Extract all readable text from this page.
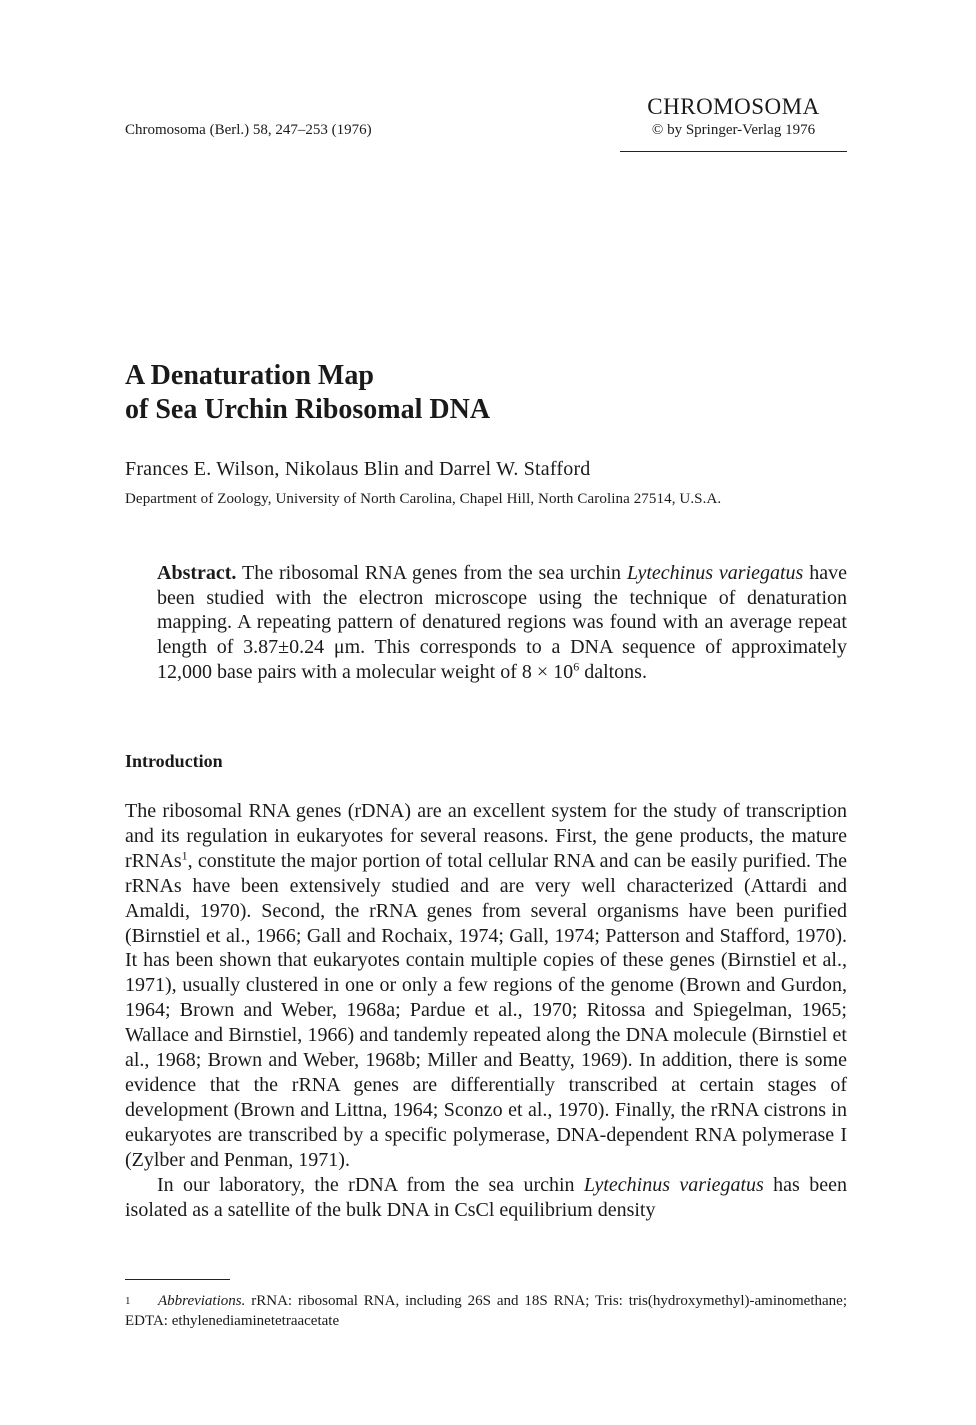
Chromosoma (Berl.) 58, 247–253 (1976)
CHROMOSOMA
© by Springer-Verlag 1976
A Denaturation Map
of Sea Urchin Ribosomal DNA
Frances E. Wilson, Nikolaus Blin and Darrel W. Stafford
Department of Zoology, University of North Carolina, Chapel Hill, North Carolina 27514, U.S.A.
Abstract. The ribosomal RNA genes from the sea urchin Lytechinus variegatus have been studied with the electron microscope using the technique of denaturation mapping. A repeating pattern of denatured regions was found with an average repeat length of 3.87±0.24 μm. This corresponds to a DNA sequence of approximately 12,000 base pairs with a molecular weight of $8 \times 10^6$ daltons.
Introduction

The ribosomal RNA genes (rDNA) are an excellent system for the study of transcription and its regulation in eukaryotes for several reasons. First, the gene products, the mature rRNAs$^1$, constitute the major portion of total cellular RNA and can be easily purified. The rRNAs have been extensively studied and are very well characterized (Attardi and Amaldi, 1970). Second, the rRNA genes from several organisms have been purified (Birnstiel et al., 1966; Gall and Rochaix, 1974; Gall, 1974; Patterson and Stafford, 1970). It has been shown that eukaryotes contain multiple copies of these genes (Birnstiel et al., 1971), usually clustered in one or only a few regions of the genome (Brown and Gurdon, 1964; Brown and Weber, 1968a; Pardue et al., 1970; Ritossa and Spiegelman, 1965; Wallace and Birnstiel, 1966) and tandemly repeated along the DNA molecule (Birnstiel et al., 1968; Brown and Weber, 1968b; Miller and Beatty, 1969). In addition, there is some evidence that the rRNA genes are differentially transcribed at certain stages of development (Brown and Littna, 1964; Sconzo et al., 1970). Finally, the rRNA cistrons in eukaryotes are transcribed by a specific polymerase, DNA-dependent RNA polymerase I (Zylber and Penman, 1971).

In our laboratory, the rDNA from the sea urchin Lytechinus variegatus has been isolated as a satellite of the bulk DNA in CsCl equilibrium density

1 Abbreviations. rRNA: ribosomal RNA, including 26S and 18S RNA; Tris: tris(hydroxymethyl)-aminomethane; EDTA: ethylenediaminetetraacetate
